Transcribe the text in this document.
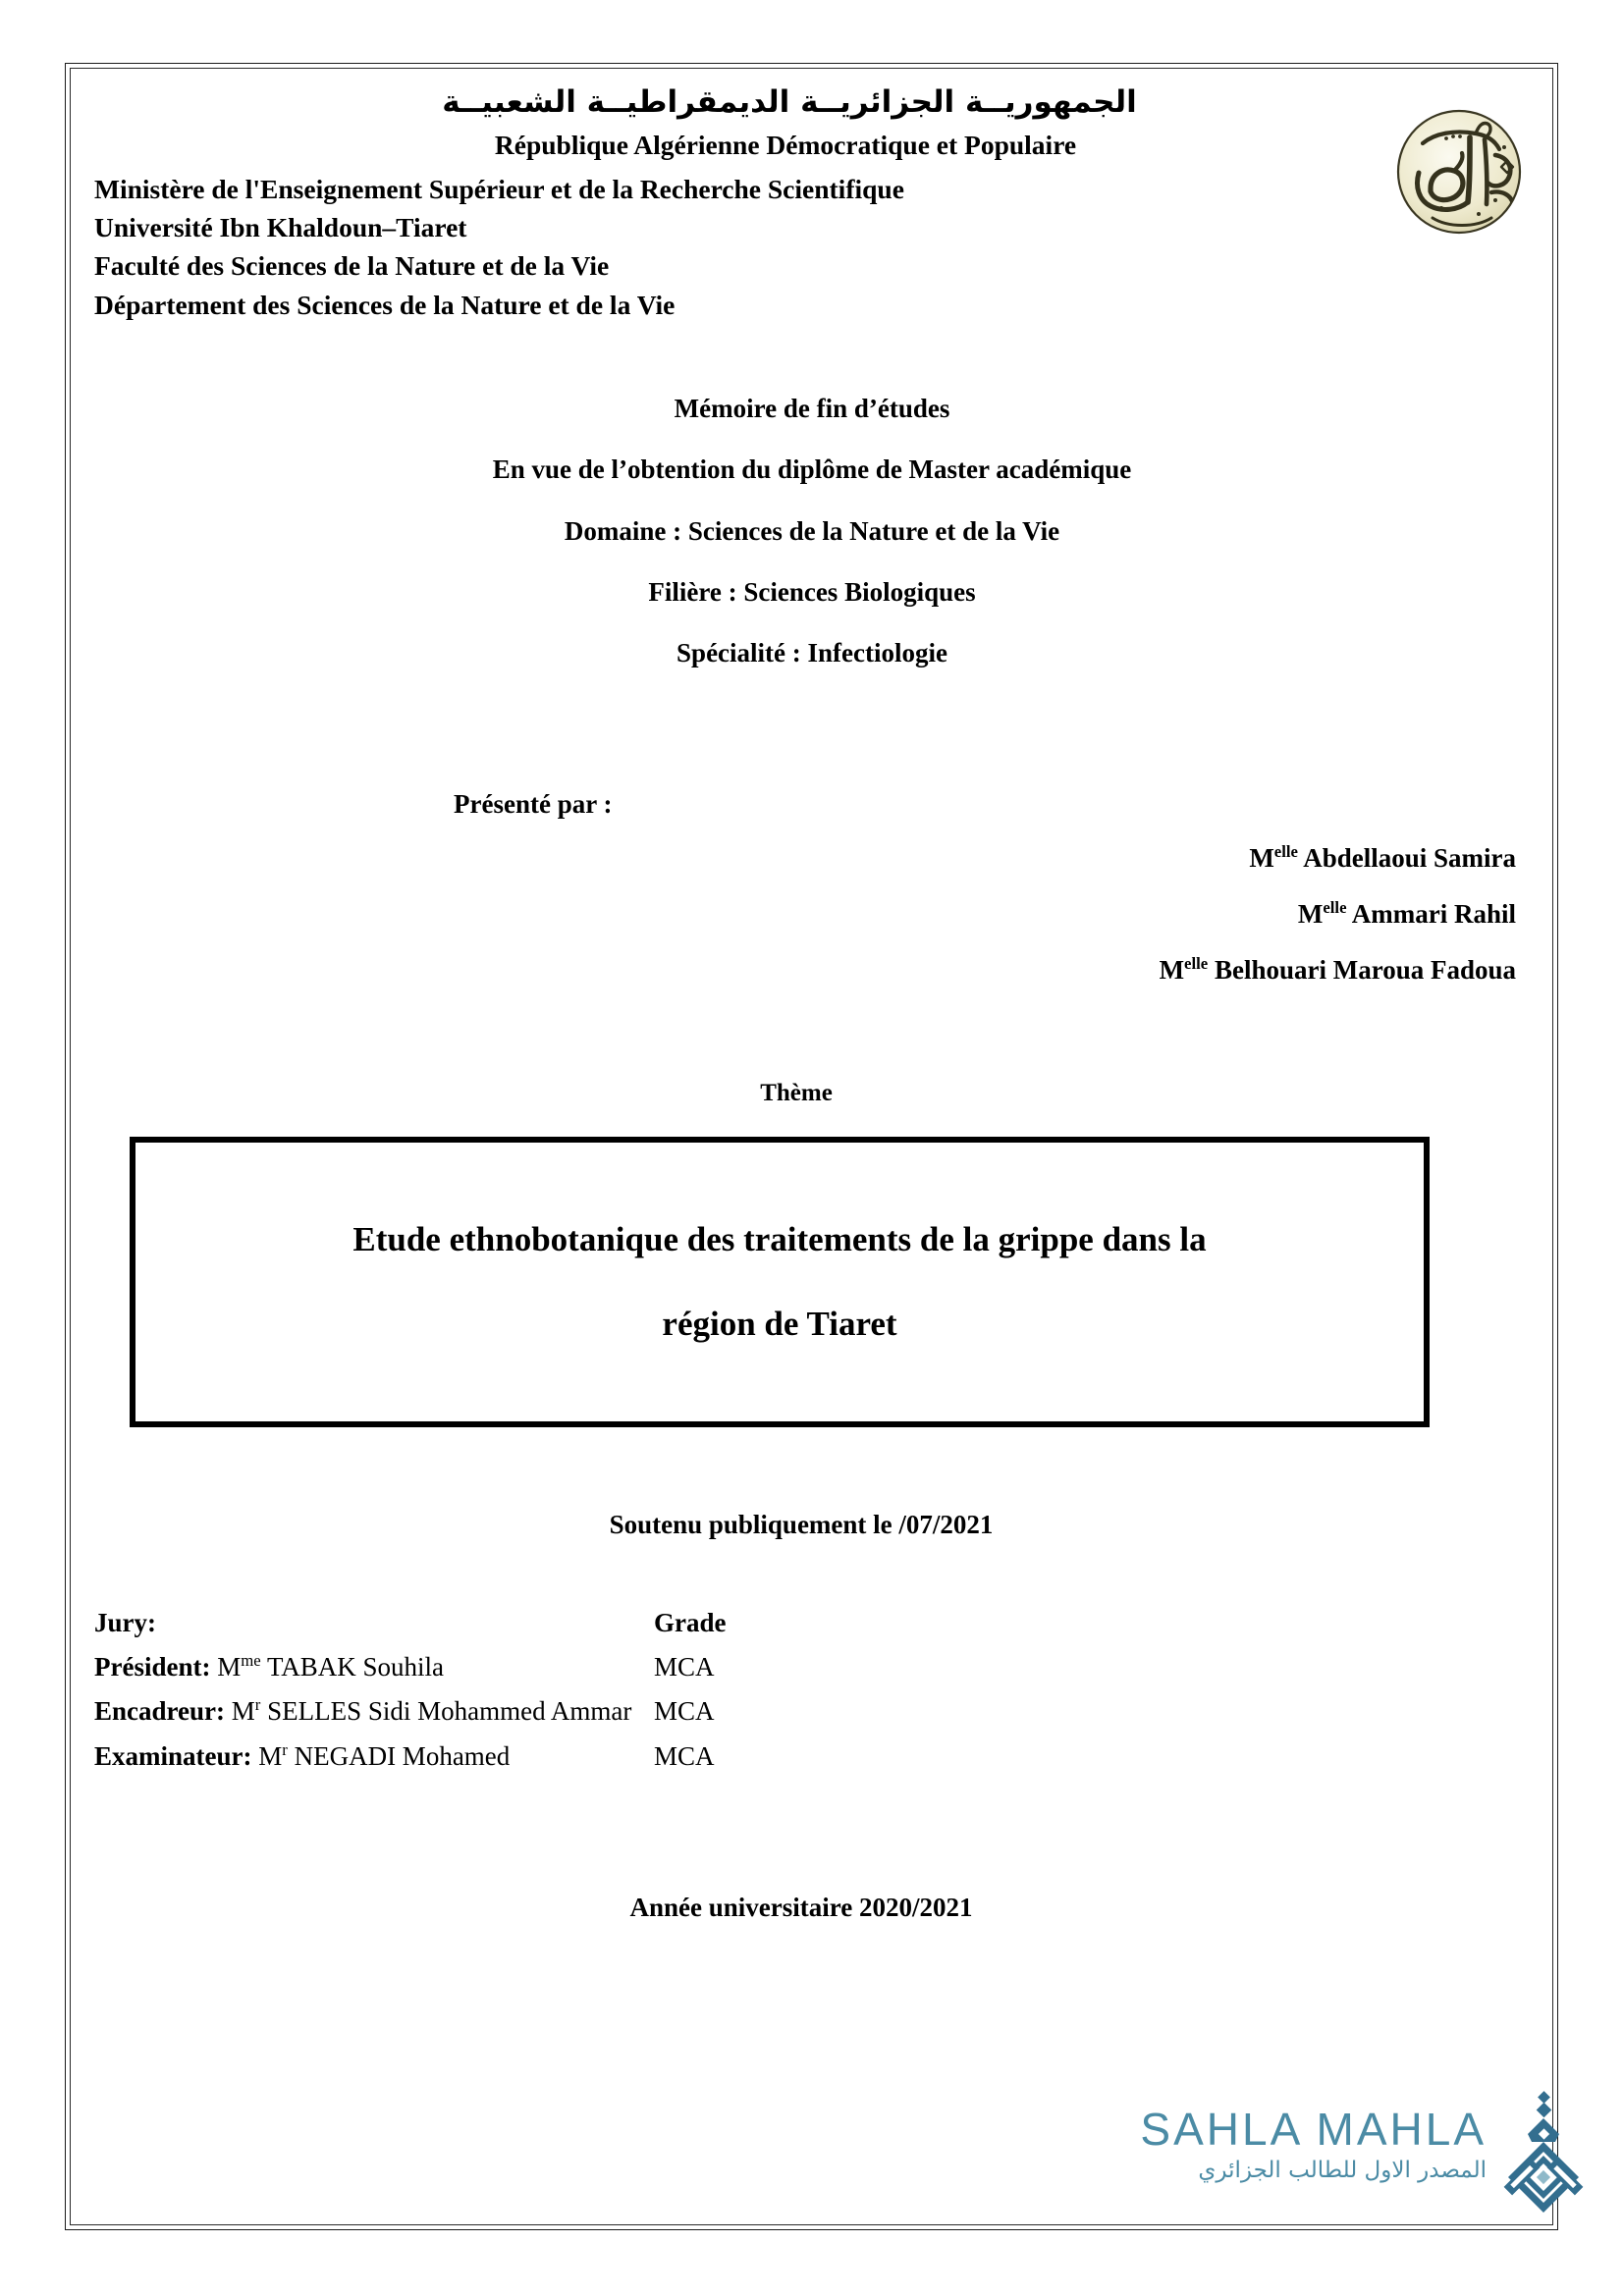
الجمهوريــة الجزائريــة الديمقراطيــة الشعبيــة
République Algérienne Démocratique et Populaire
Ministère de l'Enseignement Supérieur et de la Recherche Scientifique
Université Ibn Khaldoun–Tiaret
Faculté des Sciences de la Nature et de la Vie
Département des Sciences de la Nature et de la Vie
Mémoire de fin d’études
En vue de l’obtention du diplôme de Master académique
Domaine : Sciences de la Nature et de la Vie
Filière : Sciences Biologiques
Spécialité : Infectiologie
Présenté par :
$M^{elle}$ Abdellaoui Samira
$M^{elle}$ Ammari Rahil
$M^{elle}$ Belhouari Maroua Fadoua
Thème
Etude ethnobotanique des traitements de la grippe dans la
région de Tiaret
Soutenu publiquement le /07/2021
Jury:	Grade
Président: $M^{me}$ TABAK Souhila	MCA
Encadreur: $M^r$ SELLES Sidi Mohammed Ammar MCA
Examinateur: $M^r$ NEGADI Mohamed	MCA
Année universitaire 2020/2021
SAHLA MAHLA
المصدر الاول للطالب الجزائري
